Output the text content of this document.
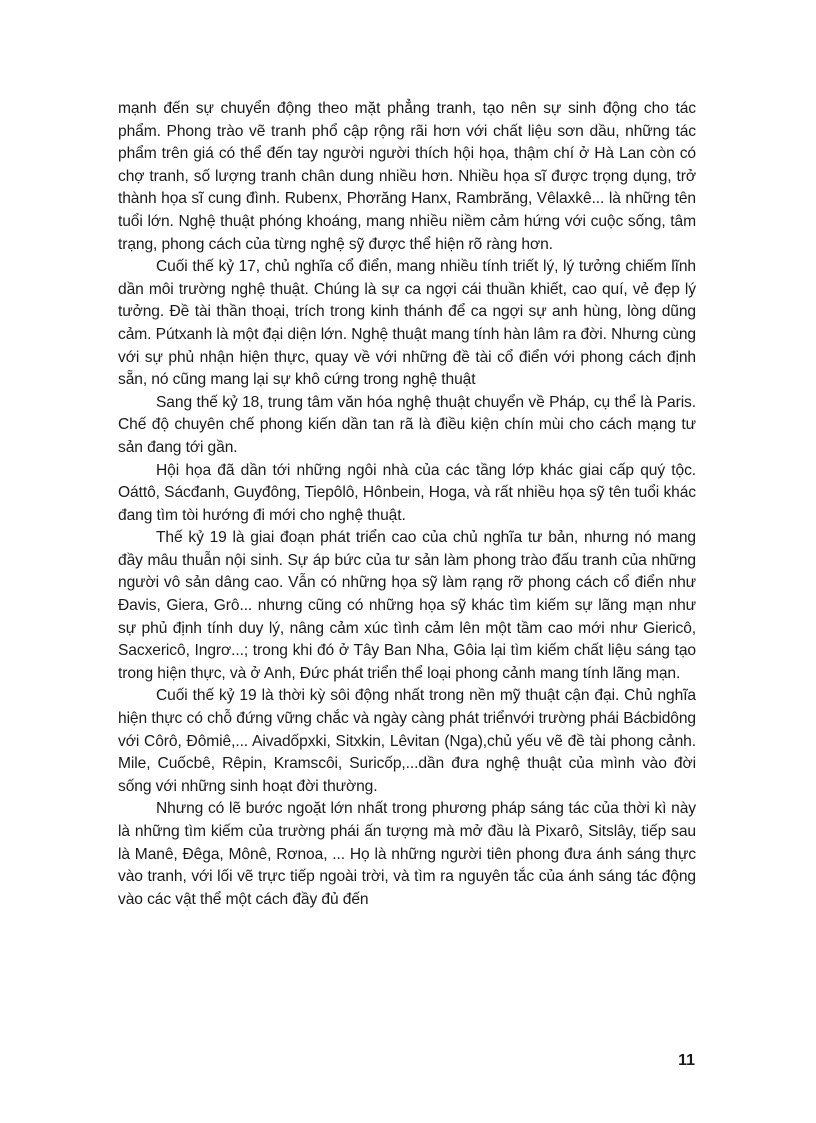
mạnh đến sự chuyển động theo mặt phẳng tranh, tạo nên sự sinh động cho tác phẩm. Phong trào vẽ tranh phổ cập rộng rãi hơn với chất liệu sơn dầu, những tác phẩm trên giá có thể đến tay người người thích hội họa, thậm chí ở Hà Lan còn có chợ tranh, số lượng tranh chân dung nhiều hơn. Nhiều họa sĩ được trọng dụng, trở thành họa sĩ cung đình. Rubenx, Phơrăng Hanx, Rambrăng, Vêlaxkê... là những tên tuổi lớn. Nghệ thuật phóng khoáng, mang nhiều niềm cảm hứng với cuộc sống, tâm trạng, phong cách của từng nghệ sỹ được thể hiện rõ ràng hơn.

Cuối thế kỷ 17, chủ nghĩa cổ điển, mang nhiều tính triết lý, lý tưởng chiếm lĩnh dần môi trường nghệ thuật. Chúng là sự ca ngợi cái thuần khiết, cao quí, vẻ đẹp lý tưởng. Đề tài thần thoại, trích trong kinh thánh để ca ngợi sự anh hùng, lòng dũng cảm. Pútxanh là một đại diện lớn. Nghệ thuật mang tính hàn lâm ra đời. Nhưng cùng với sự phủ nhận hiện thực, quay về với những đề tài cổ điển với phong cách định sẵn, nó cũng mang lại sự khô cứng trong nghệ thuật

Sang thế kỷ 18, trung tâm văn hóa nghệ thuật chuyển về Pháp, cụ thể là Paris. Chế độ chuyên chế phong kiến dần tan rã là điều kiện chín mùi cho cách mạng tư sản đang tới gần.

Hội họa đã dần tới những ngôi nhà của các tầng lớp khác giai cấp quý tộc. Oáttô, Sácđanh, Guyđông, Tiepôlô, Hônbein, Hoga, và rất nhiều họa sỹ tên tuổi khác đang tìm tòi hướng đi mới cho nghệ thuật.

Thế kỷ 19 là giai đoạn phát triển cao của chủ nghĩa tư bản, nhưng nó mang đầy mâu thuẫn nội sinh. Sự áp bức của tư sản làm phong trào đấu tranh của những người vô sản dâng cao. Vẫn có những họa sỹ làm rạng rỡ phong cách cổ điển như Đavis, Giera, Grô... nhưng cũng có những họa sỹ khác tìm kiếm sự lãng mạn như sự phủ định tính duy lý, nâng cảm xúc tình cảm lên một tầm cao mới như Giericô, Sacxericô, Ingrơ...; trong khi đó ở Tây Ban Nha, Gôia lại tìm kiếm chất liệu sáng tạo trong hiện thực, và ở Anh, Đức phát triển thể loại phong cảnh mang tính lãng mạn.

Cuối thế kỷ 19 là thời kỳ sôi động nhất trong nền mỹ thuật cận đại. Chủ nghĩa hiện thực có chỗ đứng vững chắc và ngày càng phát triểnvới trường phái Bácbidông với Côrô, Đômiê,... Aivadốpxki, Sitxkin, Lêvitan (Nga),chủ yếu vẽ đề tài phong cảnh. Mile, Cuốcbê, Rêpin, Kramscôi, Suricốp,...dần đưa nghệ thuật của mình vào đời sống với những sinh hoạt đời thường.

Nhưng có lẽ bước ngoặt lớn nhất trong phương pháp sáng tác của thời kì này là những tìm kiếm của trường phái ấn tượng mà mở đầu là Pixarô, Sitslây, tiếp sau là Manê, Đêga, Mônê, Rơnoa, ... Họ là những người tiên phong đưa ánh sáng thực vào tranh, với lối vẽ trực tiếp ngoài trời, và tìm ra nguyên tắc của ánh sáng tác động vào các vật thể một cách đầy đủ đến

11
